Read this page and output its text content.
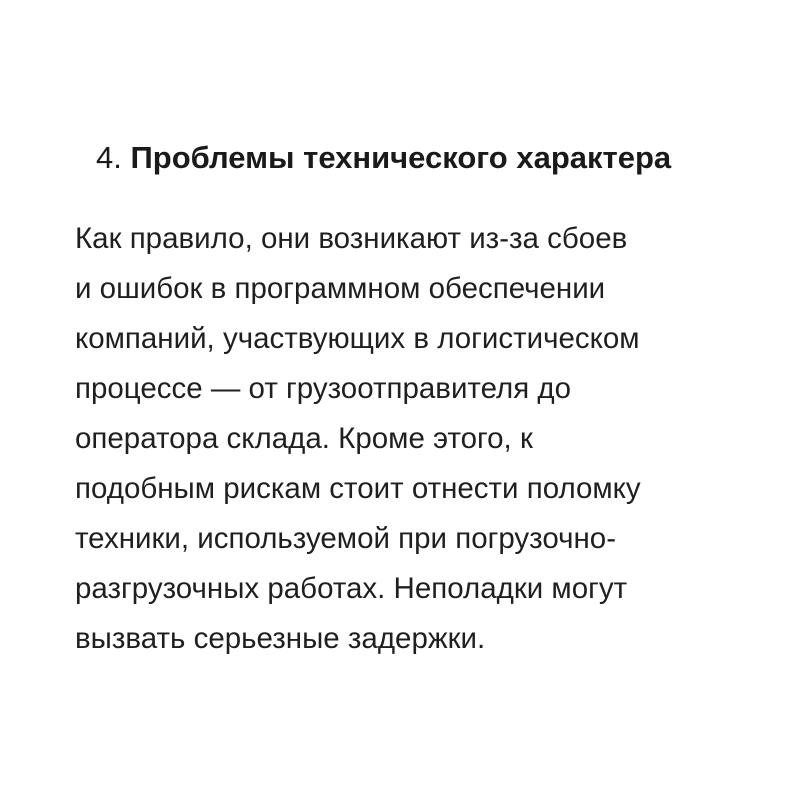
4. Проблемы технического характера

Как правило, они возникают из-за сбоев
и ошибок в программном обеспечении
компаний, участвующих в логистическом
процессе — от грузоотправителя до
оператора склада. Кроме этого, к
подобным рискам стоит отнести поломку
техники, используемой при погрузочно-
разгрузочных работах. Неполадки могут
вызвать серьезные задержки.
